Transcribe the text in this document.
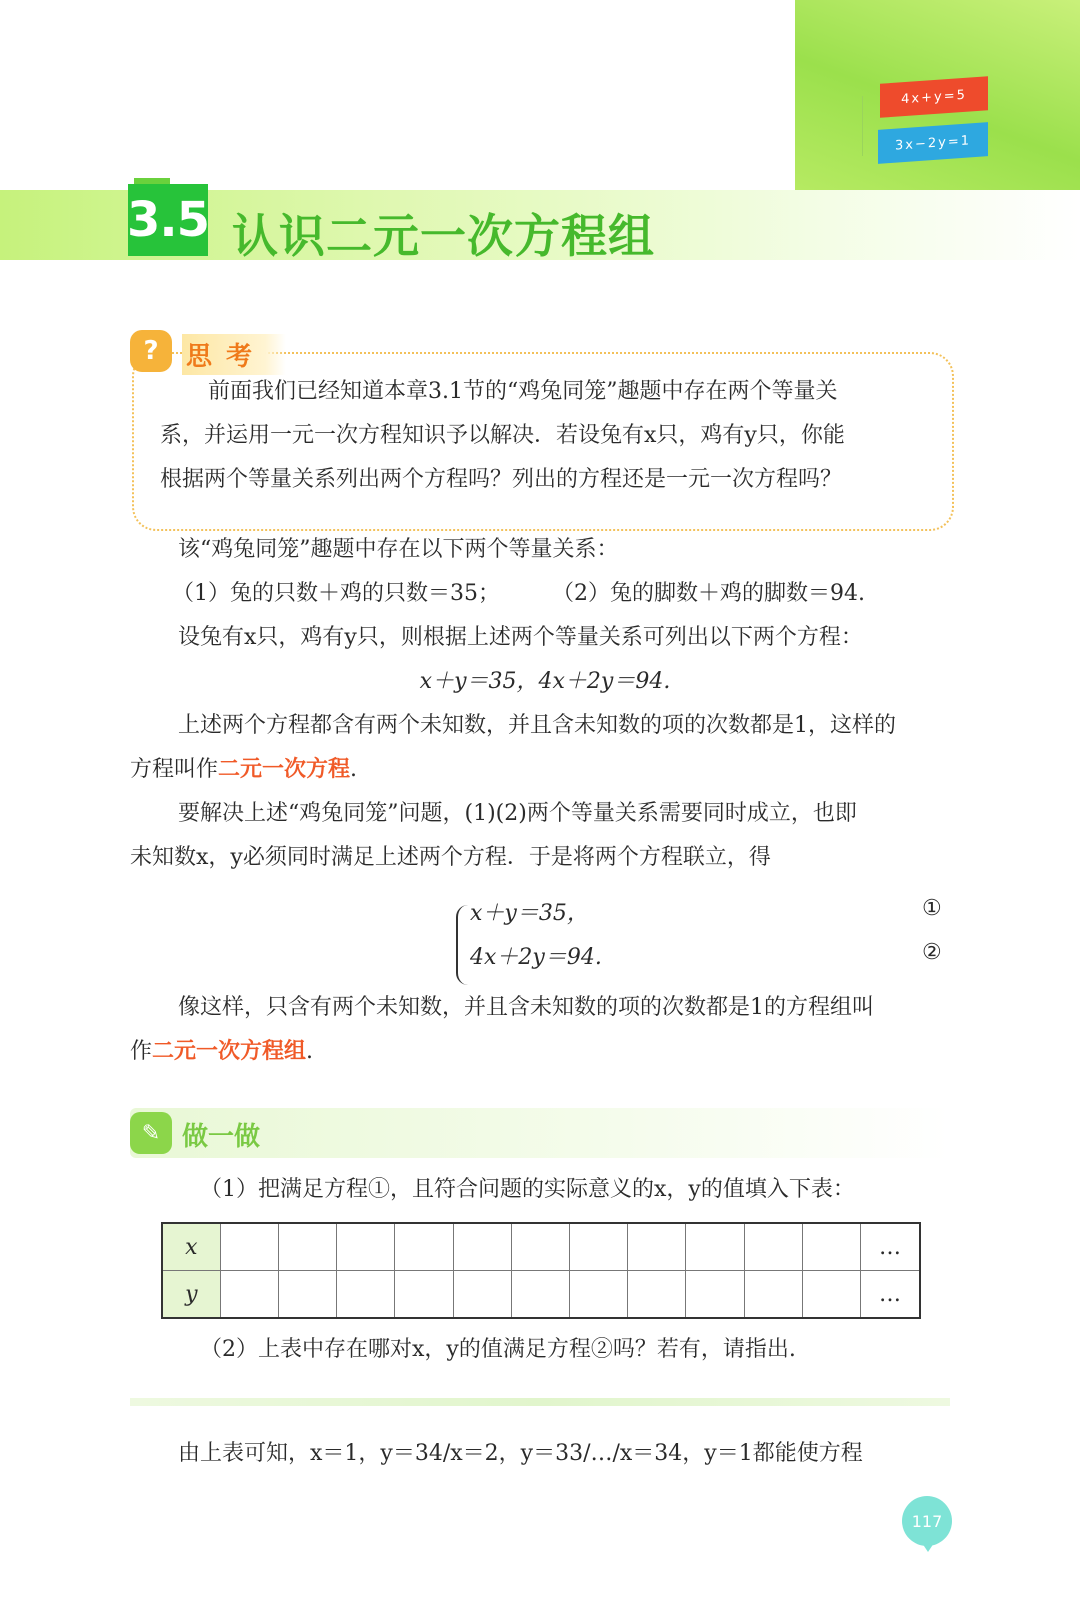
4x+y=5
3x−2y=1
3.5 认识二元一次方程组
思考
?
前面我们已经知道本章3.1节的“鸡兔同笼”趣题中存在两个等量关
系，并运用一元一次方程知识予以解决．若设兔有x只，鸡有y只，你能
根据两个等量关系列出两个方程吗？列出的方程还是一元一次方程吗？
该“鸡兔同笼”趣题中存在以下两个等量关系：
（1）兔的只数＋鸡的只数＝35； （2）兔的脚数＋鸡的脚数＝94.
设兔有x只，鸡有y只，则根据上述两个等量关系可列出以下两个方程：
x＋y＝35，4x＋2y＝94.
上述两个方程都含有两个未知数，并且含未知数的项的次数都是1，这样的
方程叫作二元一次方程.
要解决上述“鸡兔同笼”问题，(1)(2)两个等量关系需要同时成立，也即
未知数x，y必须同时满足上述两个方程．于是将两个方程联立，得
x＋y＝35，
4x＋2y＝94.
①
②
像这样，只含有两个未知数，并且含未知数的项的次数都是1的方程组叫
作二元一次方程组.
✎ 做一做
（1）把满足方程①，且符合问题的实际意义的x，y的值填入下表：
x												…
y												…
（2）上表中存在哪对x，y的值满足方程②吗？若有，请指出.
由上表可知，x＝1，y＝34/x＝2，y＝33/…/x＝34，y＝1都能使方程
117
